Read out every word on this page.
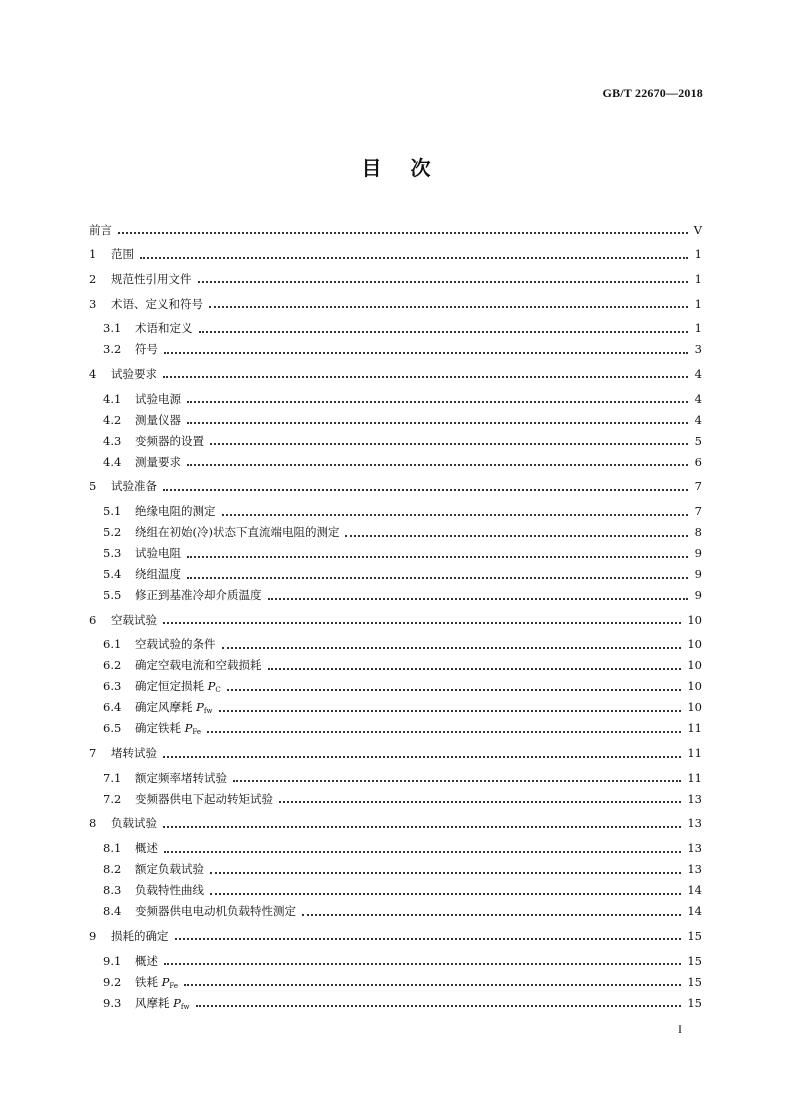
GB/T 22670—2018
目 次
前言	V
1	范围	1
2	规范性引用文件	1
3	术语、定义和符号	1
3.1	术语和定义	1
3.2	符号	3
4	试验要求	4
4.1	试验电源	4
4.2	测量仪器	4
4.3	变频器的设置	5
4.4	测量要求	6
5	试验准备	7
5.1	绝缘电阻的测定	7
5.2	绕组在初始(冷)状态下直流端电阻的测定	8
5.3	试验电阻	9
5.4	绕组温度	9
5.5	修正到基准冷却介质温度	9
6	空载试验	10
6.1	空载试验的条件	10
6.2	确定空载电流和空载损耗	10
6.3	确定恒定损耗 $P_C$	10
6.4	确定风摩耗 $P_{fw}$	10
6.5	确定铁耗 $P_{Fe}$	11
7	堵转试验	11
7.1	额定频率堵转试验	11
7.2	变频器供电下起动转矩试验	13
8	负载试验	13
8.1	概述	13
8.2	额定负载试验	13
8.3	负载特性曲线	14
8.4	变频器供电电动机负载特性测定	14
9	损耗的确定	15
9.1	概述	15
9.2	铁耗 $P_{Fe}$	15
9.3	风摩耗 $P_{fw}$	15
I
